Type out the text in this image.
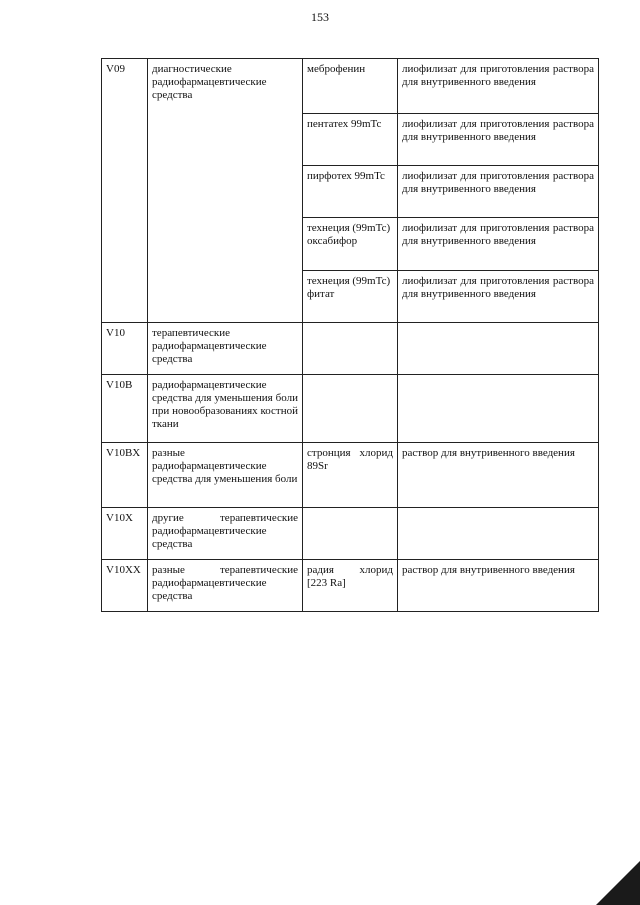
153
V09	диагностические радиофармацевтические средства	меброфенин	лиофилизат для приготовления раствора для внутривенного введения
		пентатех 99mTc	лиофилизат для приготовления раствора для внутривенного введения
		пирфотех 99mTc	лиофилизат для приготовления раствора для внутривенного введения
		технеция (99mTc) оксабифор	лиофилизат для приготовления раствора для внутривенного введения
		технеция (99mTc) фитат	лиофилизат для приготовления раствора для внутривенного введения
V10	терапевтические радиофармацевтические средства		
V10B	радиофармацевтические средства для уменьшения боли при новообразованиях костной ткани		
V10BX	разные радиофармацевтические средства для уменьшения боли	стронция хлорид 89Sr	раствор для внутривенного введения
V10X	другие терапевтические радиофармацевтические средства		
V10XX	разные терапевтические радиофармацевтические средства	радия хлорид [223 Ra]	раствор для внутривенного введения
